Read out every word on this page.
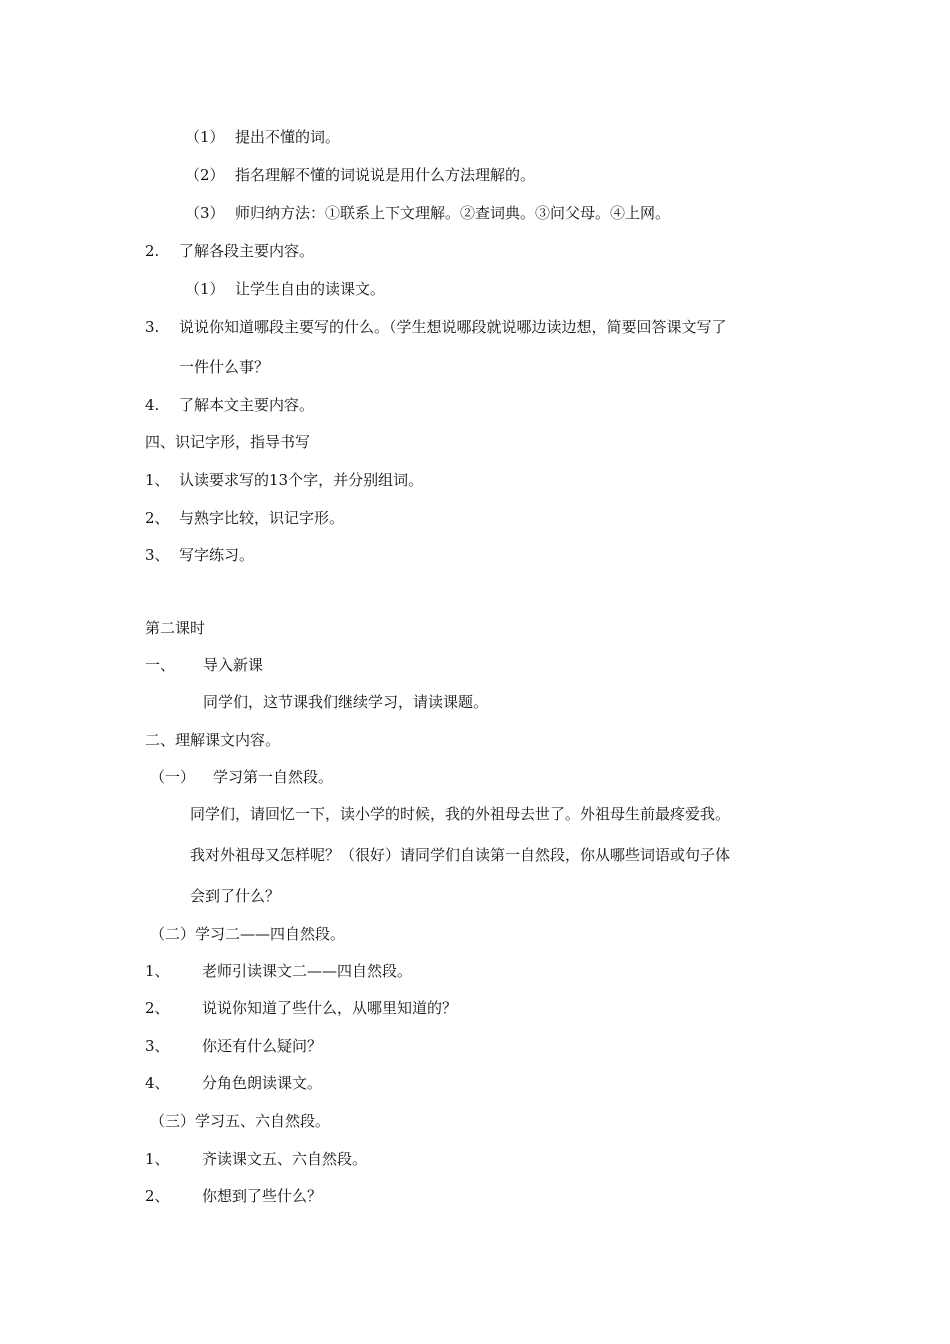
（1） 提出不懂的词。
（2） 指名理解不懂的词说说是用什么方法理解的。
（3） 师归纳方法：①联系上下文理解。②查词典。③问父母。④上网。
2. 了解各段主要内容。
（1） 让学生自由的读课文。
3. 说说你知道哪段主要写的什么。（学生想说哪段就说哪边读边想，简要回答课文写了
一件什么事？
4. 了解本文主要内容。
四、识记字形，指导书写
1、 认读要求写的13个字，并分别组词。
2、 与熟字比较，识记字形。
3、 写字练习。
第二课时
一、 导入新课
同学们，这节课我们继续学习，请读课题。
二、理解课文内容。
（一） 学习第一自然段。
同学们，请回忆一下，读小学的时候，我的外祖母去世了。外祖母生前最疼爱我。
我对外祖母又怎样呢？（很好）请同学们自读第一自然段，你从哪些词语或句子体
会到了什么？
（二）学习二——四自然段。
1、 老师引读课文二——四自然段。
2、 说说你知道了些什么，从哪里知道的？
3、 你还有什么疑问？
4、 分角色朗读课文。
（三）学习五、六自然段。
1、 齐读课文五、六自然段。
2、 你想到了些什么？
